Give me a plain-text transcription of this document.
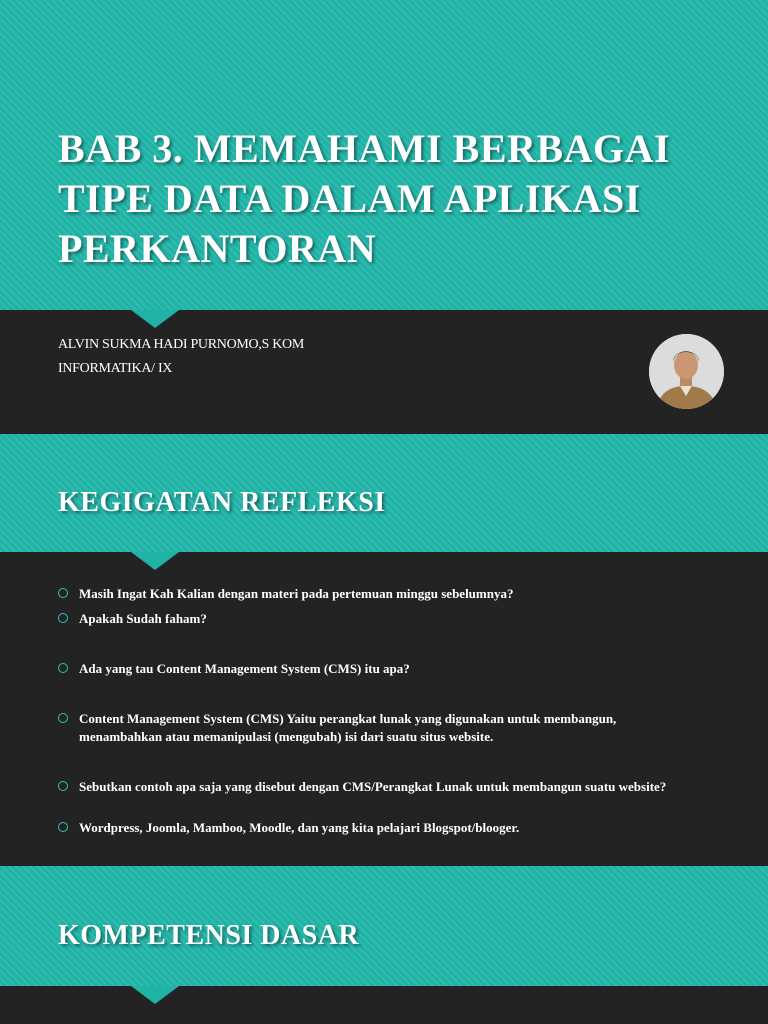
BAB 3. MEMAHAMI BERBAGAI
TIPE DATA DALAM APLIKASI
PERKANTORAN
ALVIN SUKMA HADI PURNOMO,S KOM
INFORMATIKA/ IX
KEGIGATAN REFLEKSI
Masih Ingat Kah Kalian dengan materi pada pertemuan minggu sebelumnya?
Apakah Sudah faham?
Ada yang tau Content Management System (CMS) itu apa?
Content Management System (CMS) Yaitu perangkat lunak yang digunakan untuk membangun, menambahkan atau memanipulasi (mengubah) isi dari suatu situs website.
Sebutkan contoh apa saja yang disebut dengan CMS/Perangkat Lunak untuk membangun suatu website?
Wordpress, Joomla, Mamboo, Moodle, dan yang kita pelajari Blogspot/blooger.
KOMPETENSI DASAR
